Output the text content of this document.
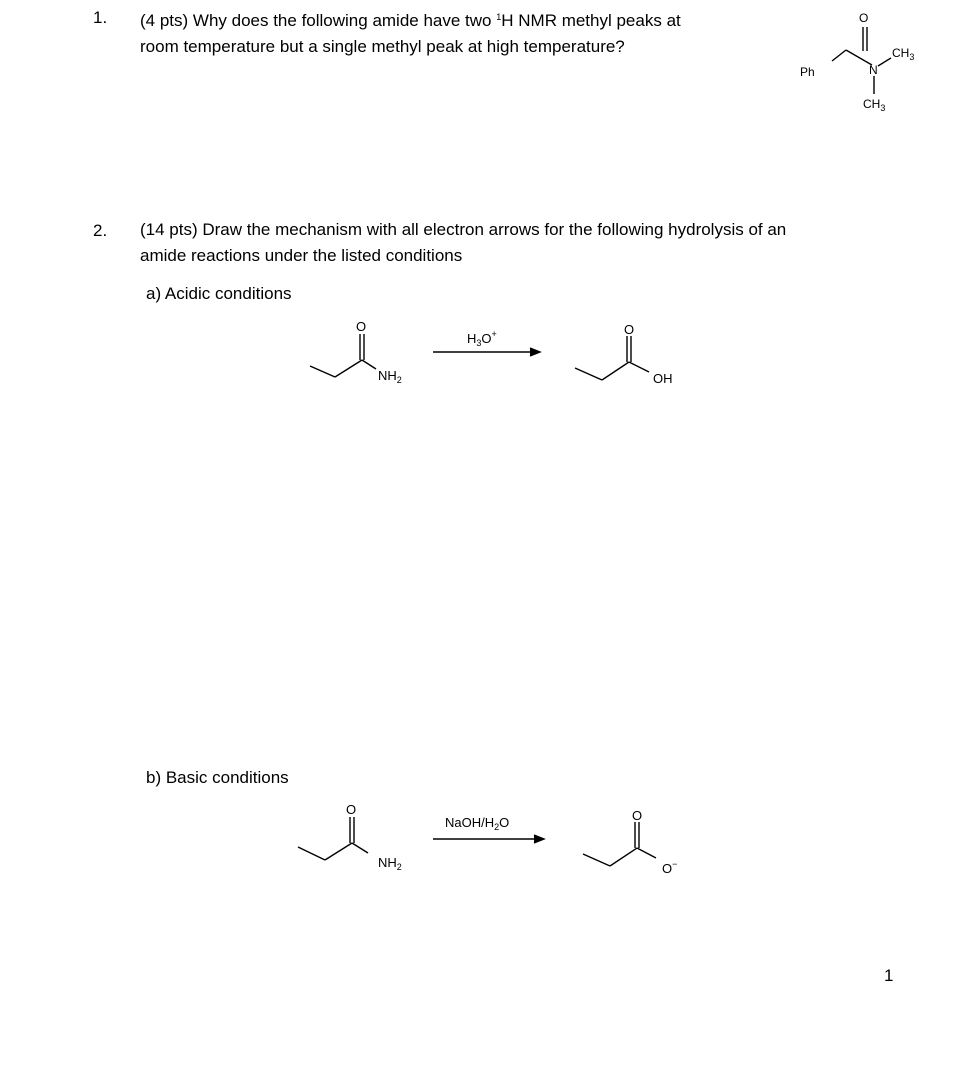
1. (4 pts) Why does the following amide have two $^1$H NMR methyl peaks at
room temperature but a single methyl peak at high temperature?
O
Ph	N
$CH_3$
$CH_3$
2. (14 pts) Draw the mechanism with all electron arrows for the following hydrolysis of an
amide reactions under the listed conditions
a) Acidic conditions
O
$NH_2$
$H_3O^+$	O
OH
b) Basic conditions
O
$NH_2$
NaOH/$H_2O$	O
O−
1
